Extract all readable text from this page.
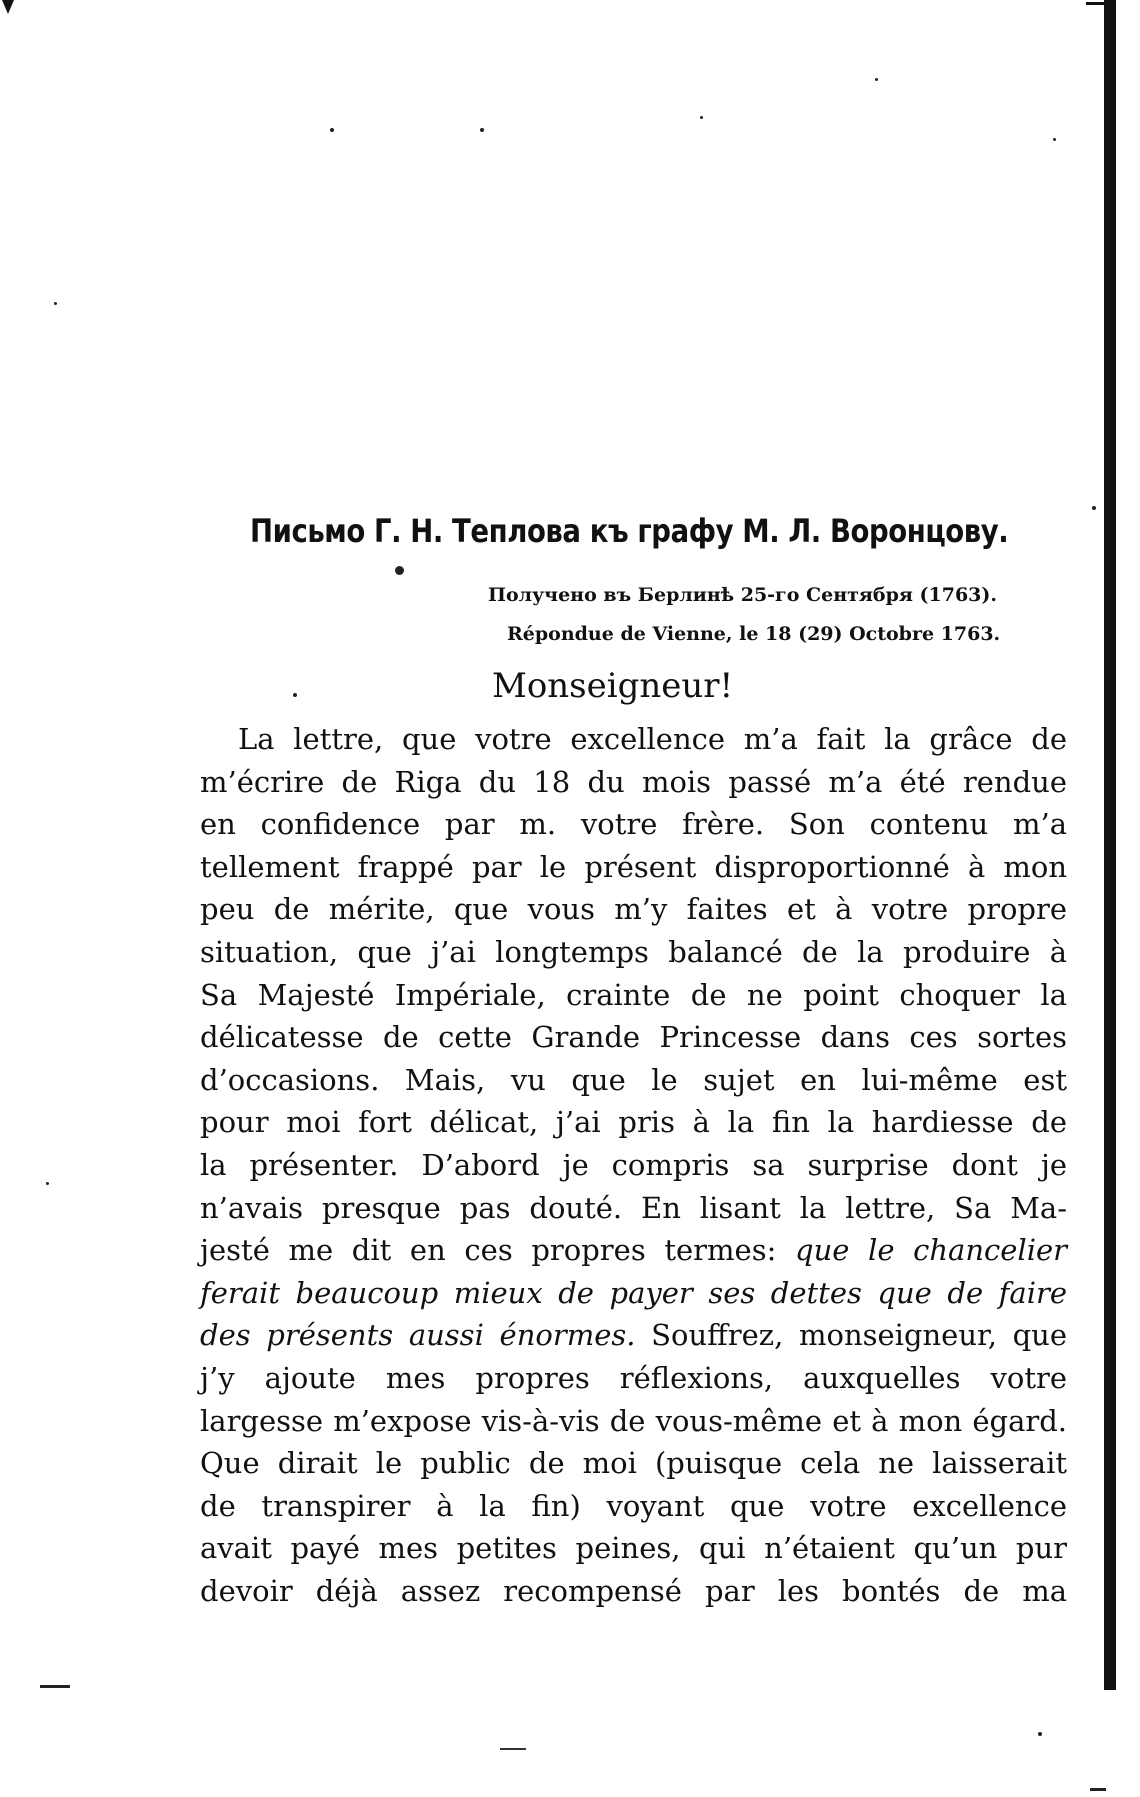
Письмо Г. Н. Теплова къ графу М. Л. Воронцову.
Получено въ Берлинѣ 25-го Сентября (1763).
Répondue de Vienne, le 18 (29) Octobre 1763.
Monseigneur!
La lettre, que votre excellence m’a fait la grâce de
m’écrire de Riga du 18 du mois passé m’a été rendue
en confidence par m. votre frère. Son contenu m’a
tellement frappé par le présent disproportionné à mon
peu de mérite, que vous m’y faites et à votre propre
situation, que j’ai longtemps balancé de la produire à
Sa Majesté Impériale, crainte de ne point choquer la
délicatesse de cette Grande Princesse dans ces sortes
d’occasions. Mais, vu que le sujet en lui-même est
pour moi fort délicat, j’ai pris à la fin la hardiesse de
la présenter. D’abord je compris sa surprise dont je
n’avais presque pas douté. En lisant la lettre, Sa Ma-
jesté me dit en ces propres termes: que le chancelier
ferait beaucoup mieux de payer ses dettes que de faire
des présents aussi énormes. Souffrez, monseigneur, que
j’y ajoute mes propres réflexions, auxquelles votre
largesse m’expose vis-à-vis de vous-même et à mon égard.
Que dirait le public de moi (puisque cela ne laisserait
de transpirer à la fin) voyant que votre excellence
avait payé mes petites peines, qui n’étaient qu’un pur
devoir déjà assez recompensé par les bontés de ma
